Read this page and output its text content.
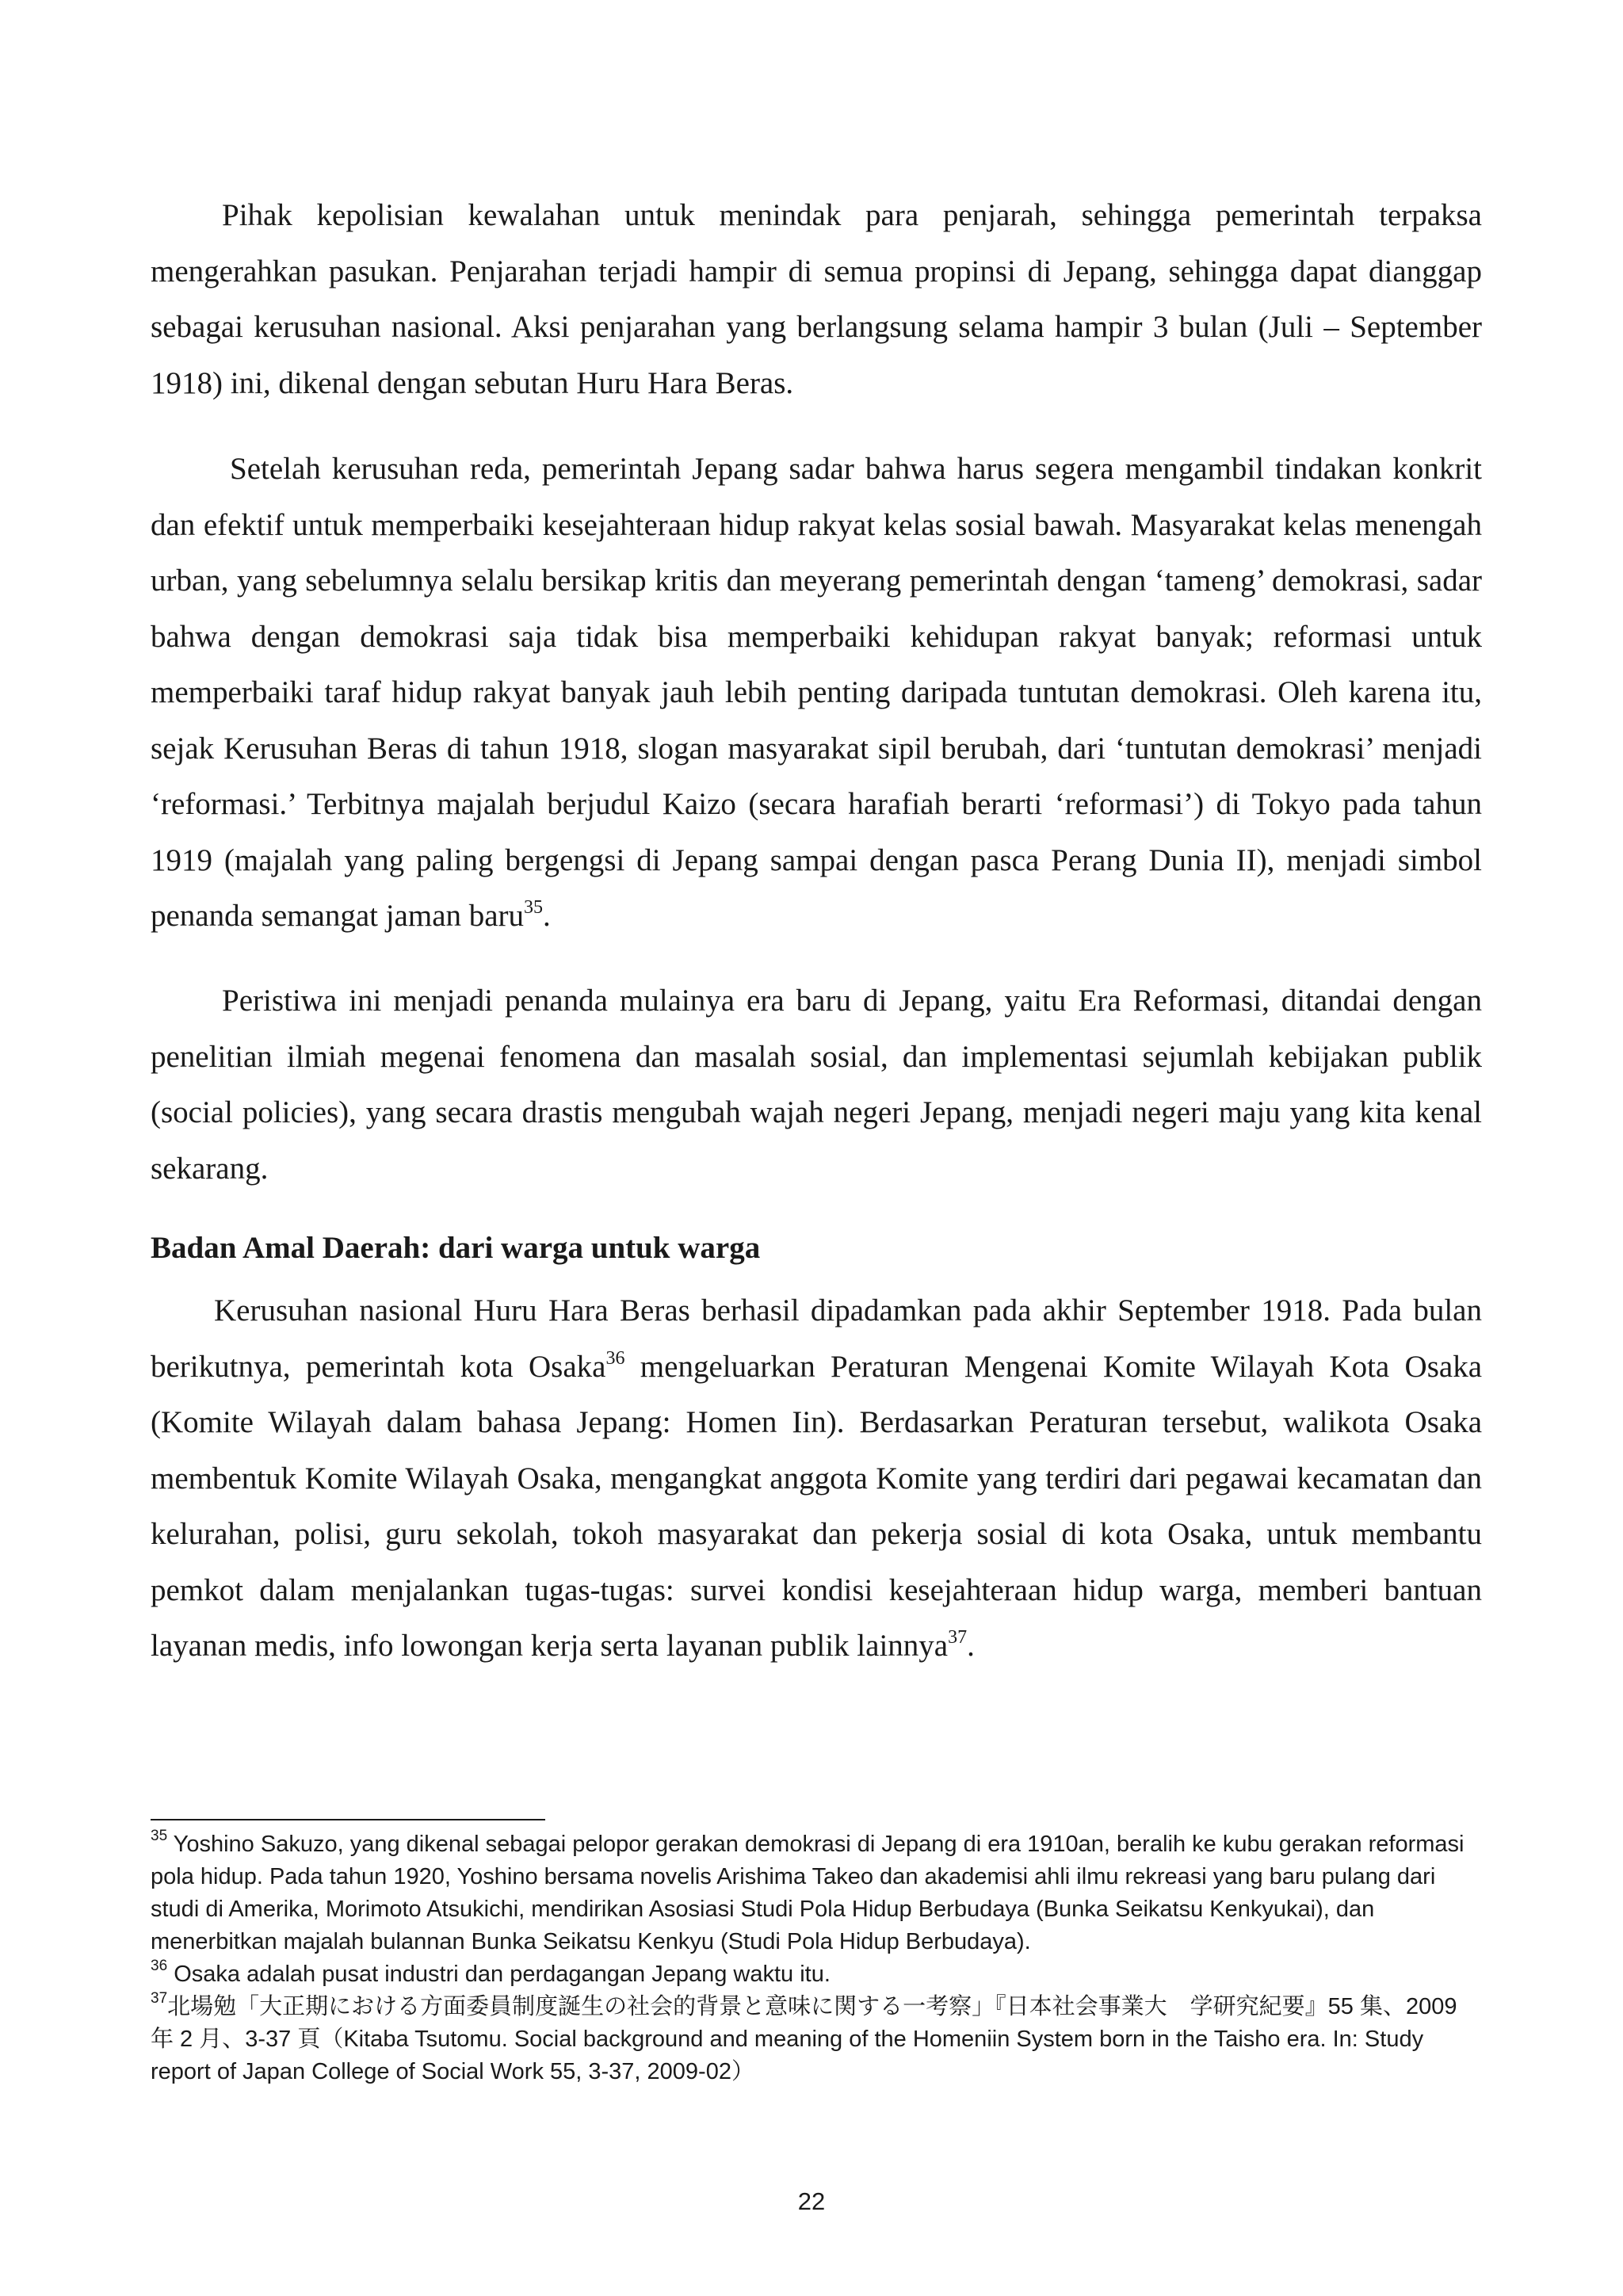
Pihak kepolisian kewalahan untuk menindak para penjarah, sehingga pemerintah terpaksa mengerahkan pasukan. Penjarahan terjadi hampir di semua propinsi di Jepang, sehingga dapat dianggap sebagai kerusuhan nasional. Aksi penjarahan yang berlangsung selama hampir 3 bulan (Juli – September 1918) ini, dikenal dengan sebutan Huru Hara Beras.

Setelah kerusuhan reda, pemerintah Jepang sadar bahwa harus segera mengambil tindakan konkrit dan efektif untuk memperbaiki kesejahteraan hidup rakyat kelas sosial bawah. Masyarakat kelas menengah urban, yang sebelumnya selalu bersikap kritis dan meyerang pemerintah dengan ‘tameng’ demokrasi, sadar bahwa dengan demokrasi saja tidak bisa memperbaiki kehidupan rakyat banyak; reformasi untuk memperbaiki taraf hidup rakyat banyak jauh lebih penting daripada tuntutan demokrasi. Oleh karena itu, sejak Kerusuhan Beras di tahun 1918, slogan masyarakat sipil berubah, dari ‘tuntutan demokrasi’ menjadi ‘reformasi.’ Terbitnya majalah berjudul Kaizo (secara harafiah berarti ‘reformasi’) di Tokyo pada tahun 1919 (majalah yang paling bergengsi di Jepang sampai dengan pasca Perang Dunia II), menjadi simbol penanda semangat jaman baru$^{35}$.

Peristiwa ini menjadi penanda mulainya era baru di Jepang, yaitu Era Reformasi, ditandai dengan penelitian ilmiah megenai fenomena dan masalah sosial, dan implementasi sejumlah kebijakan publik (social policies), yang secara drastis mengubah wajah negeri Jepang, menjadi negeri maju yang kita kenal sekarang.

Badan Amal Daerah: dari warga untuk warga

Kerusuhan nasional Huru Hara Beras berhasil dipadamkan pada akhir September 1918. Pada bulan berikutnya, pemerintah kota Osaka$^{36}$ mengeluarkan Peraturan Mengenai Komite Wilayah Kota Osaka (Komite Wilayah dalam bahasa Jepang: Homen Iin). Berdasarkan Peraturan tersebut, walikota Osaka membentuk Komite Wilayah Osaka, mengangkat anggota Komite yang terdiri dari pegawai kecamatan dan kelurahan, polisi, guru sekolah, tokoh masyarakat dan pekerja sosial di kota Osaka, untuk membantu pemkot dalam menjalankan tugas-tugas: survei kondisi kesejahteraan hidup warga, memberi bantuan layanan medis, info lowongan kerja serta layanan publik lainnya$^{37}$.

$^{35}$ Yoshino Sakuzo, yang dikenal sebagai pelopor gerakan demokrasi di Jepang di era 1910an, beralih ke kubu gerakan reformasi pola hidup. Pada tahun 1920, Yoshino bersama novelis Arishima Takeo dan akademisi ahli ilmu rekreasi yang baru pulang dari studi di Amerika, Morimoto Atsukichi, mendirikan Asosiasi Studi Pola Hidup Berbudaya (Bunka Seikatsu Kenkyukai), dan menerbitkan majalah bulannan Bunka Seikatsu Kenkyu (Studi Pola Hidup Berbudaya).

$^{36}$ Osaka adalah pusat industri dan perdagangan Jepang waktu itu.

$^{37}$北場勉「大正期における方面委員制度誕生の社会的背景と意味に関する一考察」『日本社会事業大　学研究紀要』55 集、2009 年 2 月、3-37 頁（Kitaba Tsutomu. Social background and meaning of the Homeniin System born in the Taisho era. In: Study report of Japan College of Social Work 55, 3-37, 2009-02）

22
